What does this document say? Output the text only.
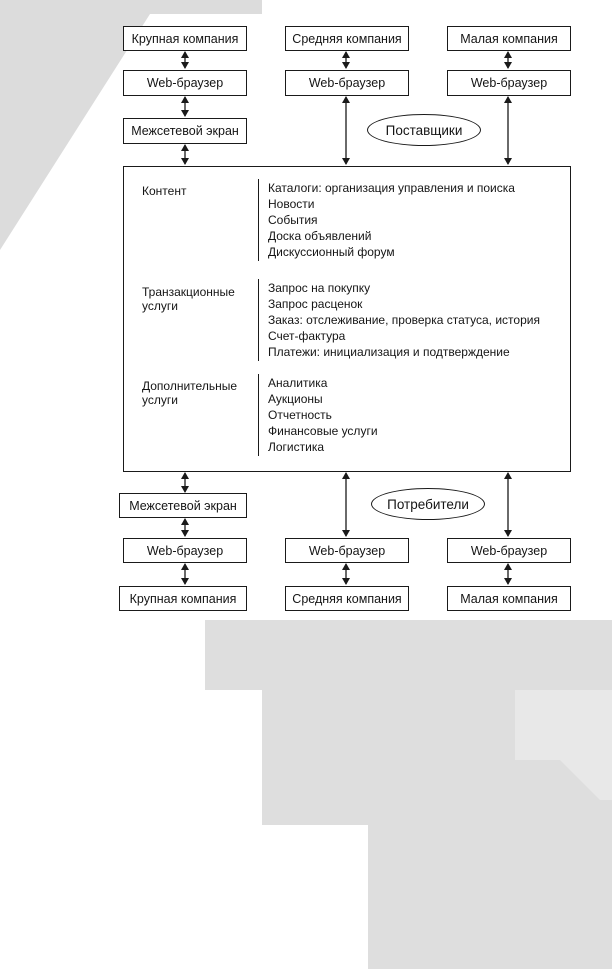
Крупная компания	Средняя компания	Малая компания
Web-браузер	Web-браузер	Web-браузер
Межсетевой экран	Поставщики
Контент	Каталоги: организация управления и поиска
Новости
События
Доска объявлений
Дискуссионный форум
Транзакционные
услуги
Запрос на покупку
Запрос расценок
Заказ: отслеживание, проверка статуса, история
Счет-фактура
Платежи: инициализация и подтверждение
Дополнительные
услуги
Аналитика
Аукционы
Отчетность
Финансовые услуги
Логистика
Межсетевой экран	Потребители
Web-браузер	Web-браузер	Web-браузер
Крупная компания	Средняя компания	Малая компания
